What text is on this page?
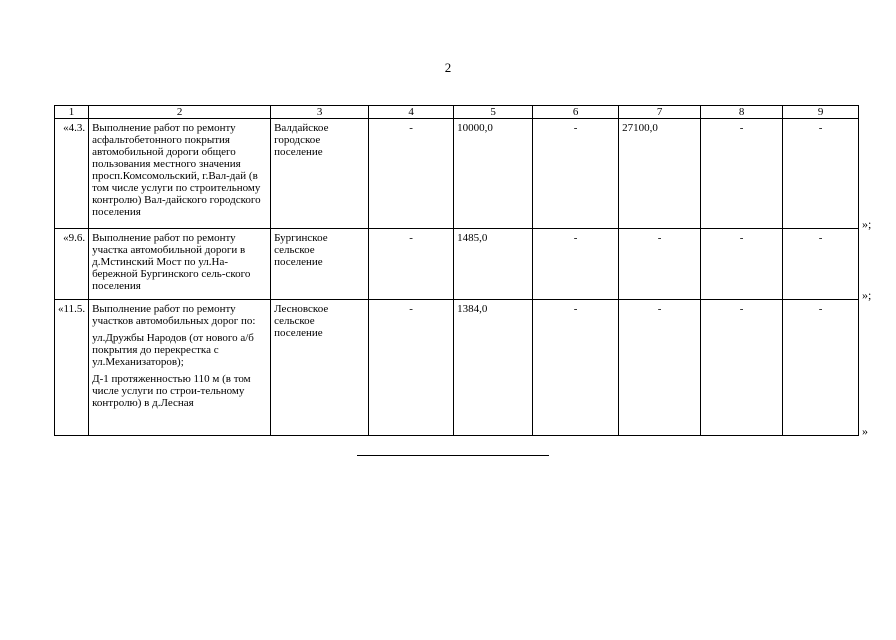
2
1	2	3	4	5	6	7	8	9
«4.3.	Выполнение работ по ремонту асфальтобетонного покрытия автомобильной дороги общего пользования местного значения просп.Комсомольский, г.Вал-дай (в том числе услуги по строительному контролю) Вал-дайского городского поселения	Валдайское городское поселение	-	10000,0	-	27100,0	-	-
«9.6.	Выполнение работ по ремонту участка автомобильной дороги в д.Мстинский Мост по ул.На-бережной Бургинского сель-ского поселения	Бургинское сельское поселение	-	1485,0	-	-	-	-
«11.5.	Выполнение работ по ремонту участков автомобильных дорог по:
ул.Дружбы Народов (от нового а/б покрытия до перекрестка с ул.Механизаторов);
Д-1 протяженностью 110 м (в том числе услуги по строи-тельному контролю) в д.Лесная	Лесновское сельское поселение	-	1384,0	-	-	-	-
»;
»;
»
